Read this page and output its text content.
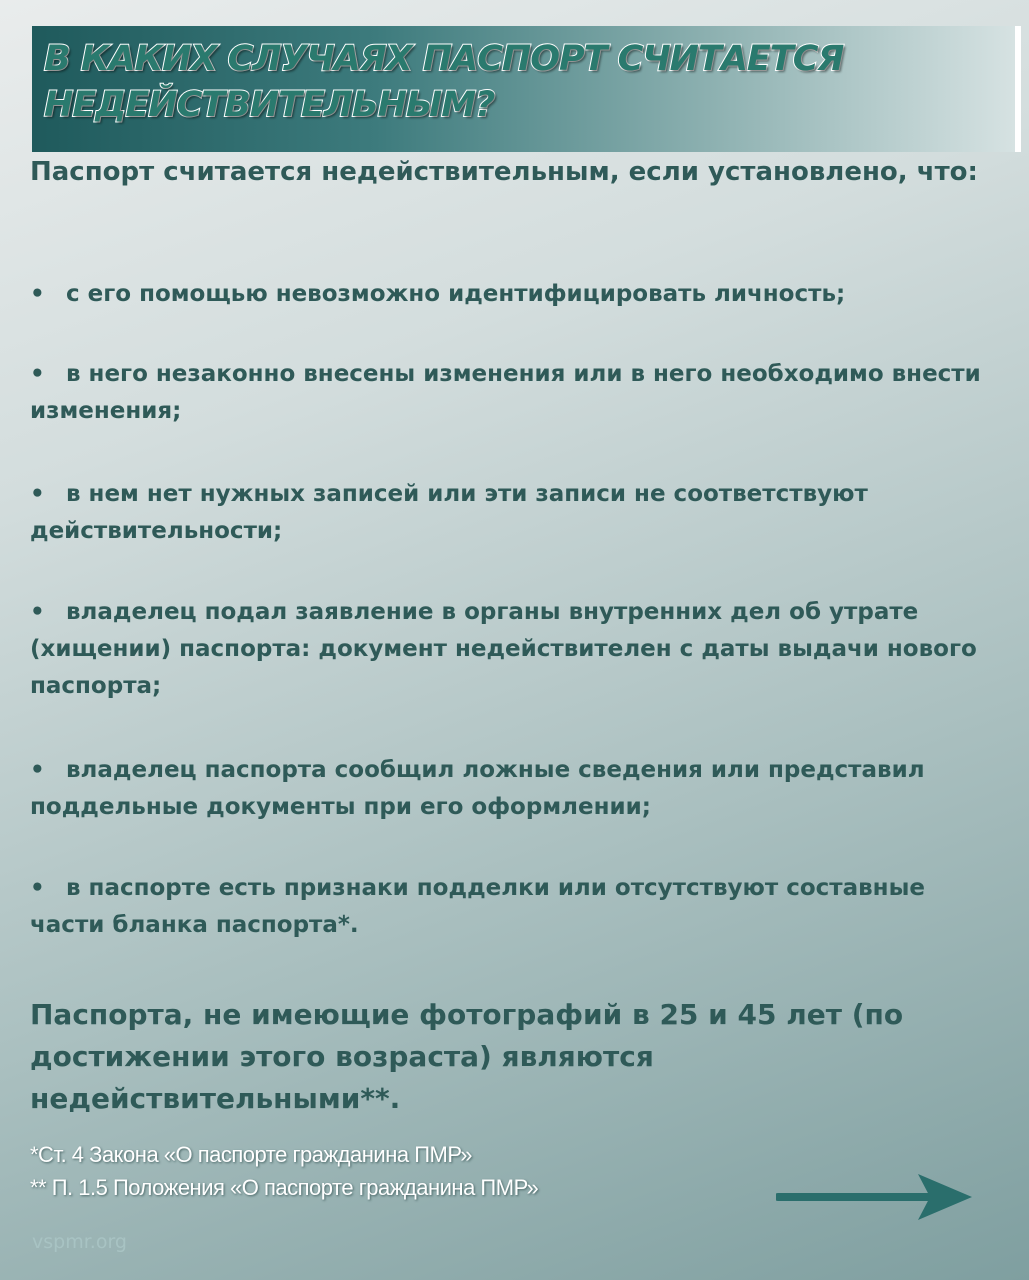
В КАКИХ СЛУЧАЯХ ПАСПОРТ СЧИТАЕТСЯ
НЕДЕЙСТВИТЕЛЬНЫМ?

Паспорт считается недействительным, если установлено, что:

• с его помощью невозможно идентифицировать личность;
• в него незаконно внесены изменения или в него необходимо внести изменения;
• в нем нет нужных записей или эти записи не соответствуют действительности;
• владелец подал заявление в органы внутренних дел об утрате (хищении) паспорта: документ недействителен с даты выдачи нового паспорта;
• владелец паспорта сообщил ложные сведения или представил поддельные документы при его оформлении;
• в паспорте есть признаки подделки или отсутствуют составные части бланка паспорта*.

Паспорта, не имеющие фотографий в 25 и 45 лет (по достижении этого возраста) являются недействительными**.

*Ст. 4 Закона «О паспорте гражданина ПМР»
** П. 1.5 Положения «О паспорте гражданина ПМР»
vspmr.org
